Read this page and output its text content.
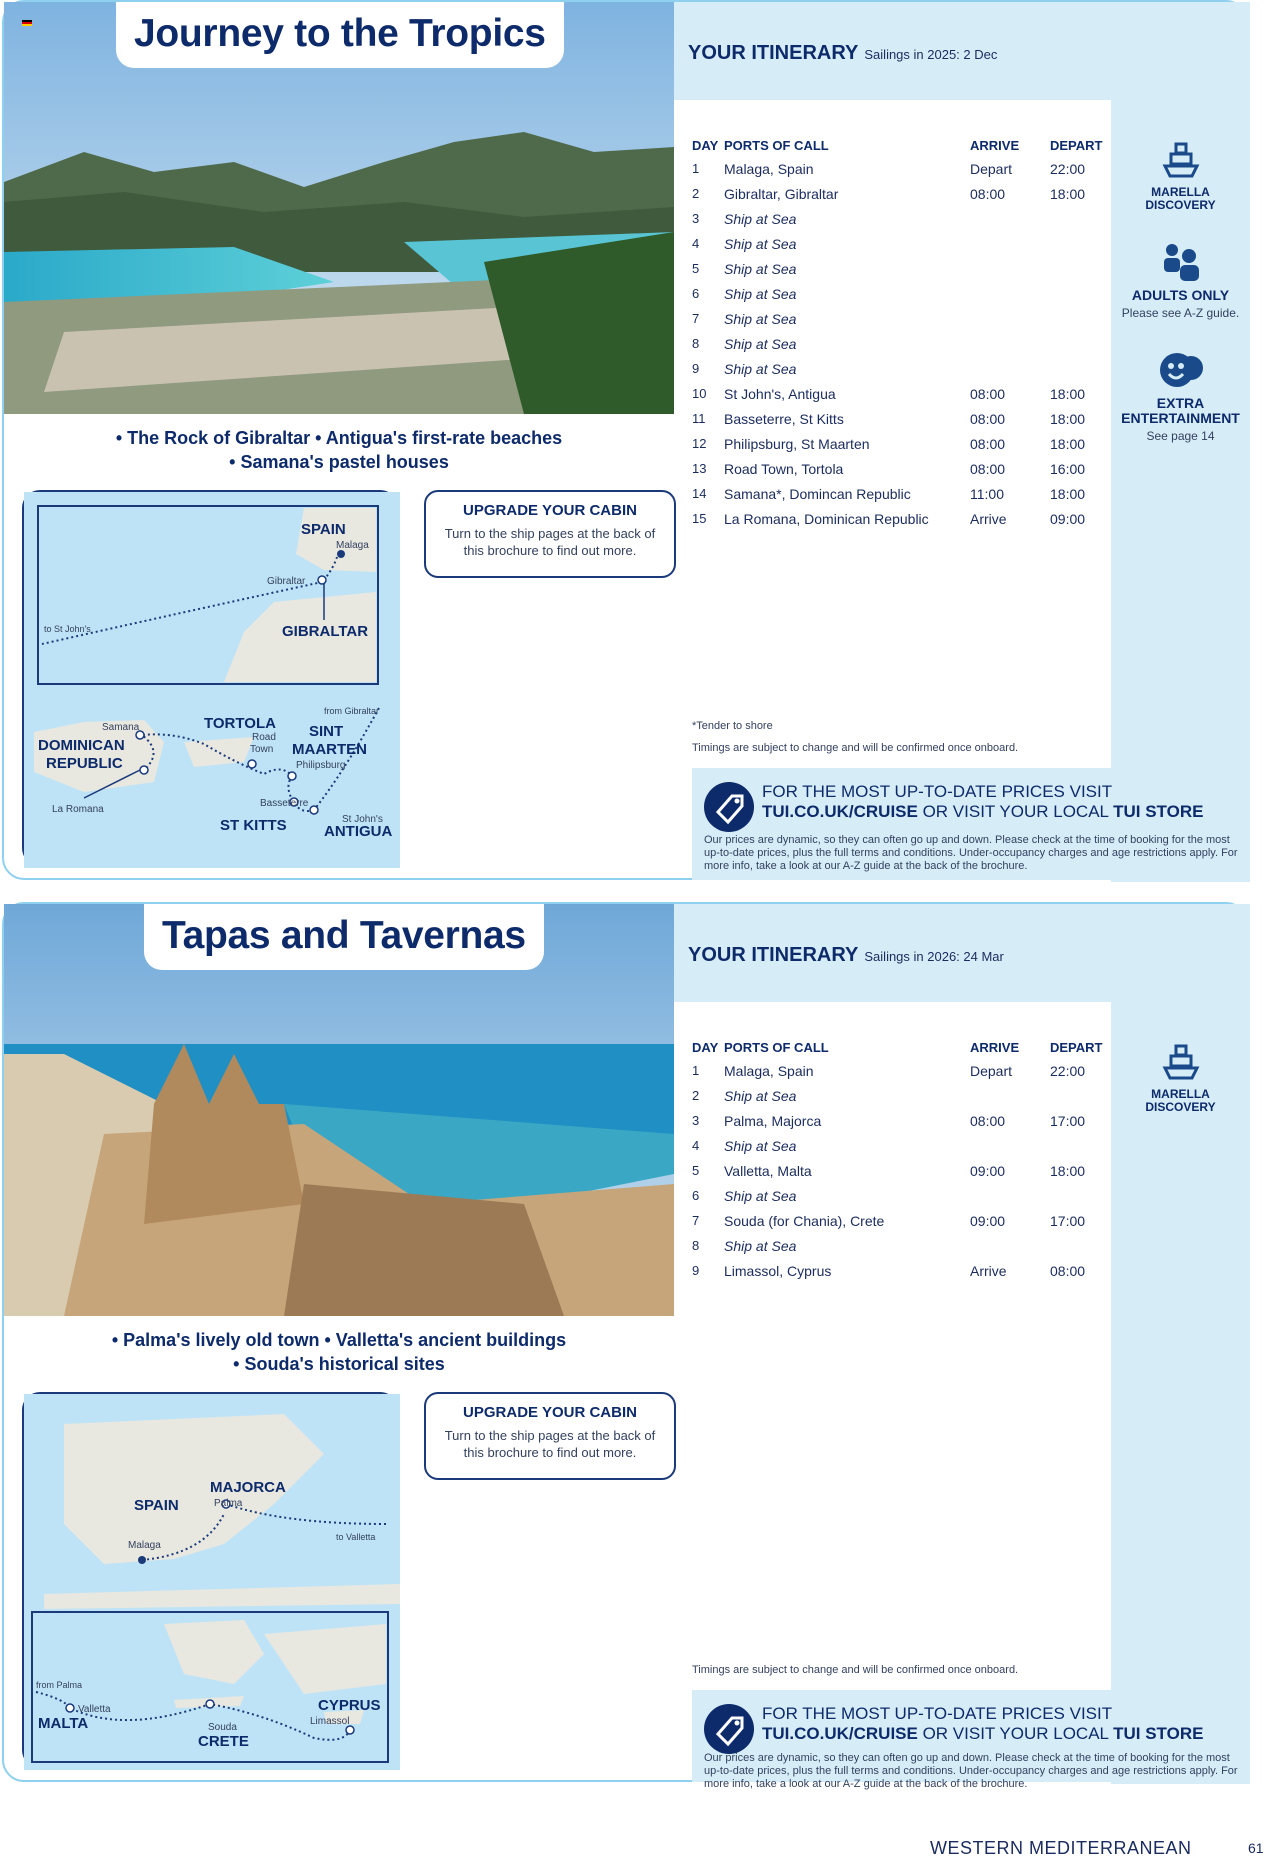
Journey to the Tropics
• The Rock of Gibraltar • Antigua's first-rate beaches
• Samana's pastel houses
SPAIN
Malaga
Gibraltar
GIBRALTAR
to St John's
from Gibraltar
Samana
DOMINICAN
REPUBLIC
La Romana
TORTOLA
Road
Town
SINT
MAARTEN
Philipsburg
Basseterre
ST KITTS	St John's
ANTIGUA
UPGRADE YOUR CABIN

Turn to the ship pages at the back of this brochure to find out more.

YOUR ITINERARY Sailings in 2025: 2 Dec
MARELLA
DISCOVERY
ADULTS ONLY
Please see A-Z guide.
EXTRA
ENTERTAINMENT
See page 14
DAY	PORTS OF CALL	ARRIVE	DEPART
1	Malaga, Spain	Depart	22:00
2	Gibraltar, Gibraltar	08:00	18:00
3	Ship at Sea		
4	Ship at Sea		
5	Ship at Sea		
6	Ship at Sea		
7	Ship at Sea		
8	Ship at Sea		
9	Ship at Sea		
10	St John's, Antigua	08:00	18:00
11	Basseterre, St Kitts	08:00	18:00
12	Philipsburg, St Maarten	08:00	18:00
13	Road Town, Tortola	08:00	16:00
14	Samana*, Domincan Republic	11:00	18:00
15	La Romana, Dominican Republic	Arrive	09:00
*Tender to shore
Timings are subject to change and will be confirmed once onboard.
FOR THE MOST UP-TO-DATE PRICES VISIT
TUI.CO.UK/CRUISE OR VISIT YOUR LOCAL TUI STORE
Our prices are dynamic, so they can often go up and down. Please check at the time of booking for the most up-to-date prices, plus the full terms and conditions. Under-occupancy charges and age restrictions apply. For more info, take a look at our A-Z guide at the back of the brochure.
Tapas and Tavernas
• Palma's lively old town • Valletta's ancient buildings
• Souda's historical sites
SPAIN
MAJORCA
Palma
Malaga
to Valletta
from Palma
Valletta
MALTA	Souda
CRETE
CYPRUS
Limassol
UPGRADE YOUR CABIN

Turn to the ship pages at the back of this brochure to find out more.

YOUR ITINERARY Sailings in 2026: 24 Mar
MARELLA
DISCOVERY
DAY	PORTS OF CALL	ARRIVE	DEPART
1	Malaga, Spain	Depart	22:00
2	Ship at Sea		
3	Palma, Majorca	08:00	17:00
4	Ship at Sea		
5	Valletta, Malta	09:00	18:00
6	Ship at Sea		
7	Souda (for Chania), Crete	09:00	17:00
8	Ship at Sea		
9	Limassol, Cyprus	Arrive	08:00
Timings are subject to change and will be confirmed once onboard.
FOR THE MOST UP-TO-DATE PRICES VISIT
TUI.CO.UK/CRUISE OR VISIT YOUR LOCAL TUI STORE
Our prices are dynamic, so they can often go up and down. Please check at the time of booking for the most up-to-date prices, plus the full terms and conditions. Under-occupancy charges and age restrictions apply. For more info, take a look at our A-Z guide at the back of the brochure.
WESTERN MEDITERRANEAN	61
